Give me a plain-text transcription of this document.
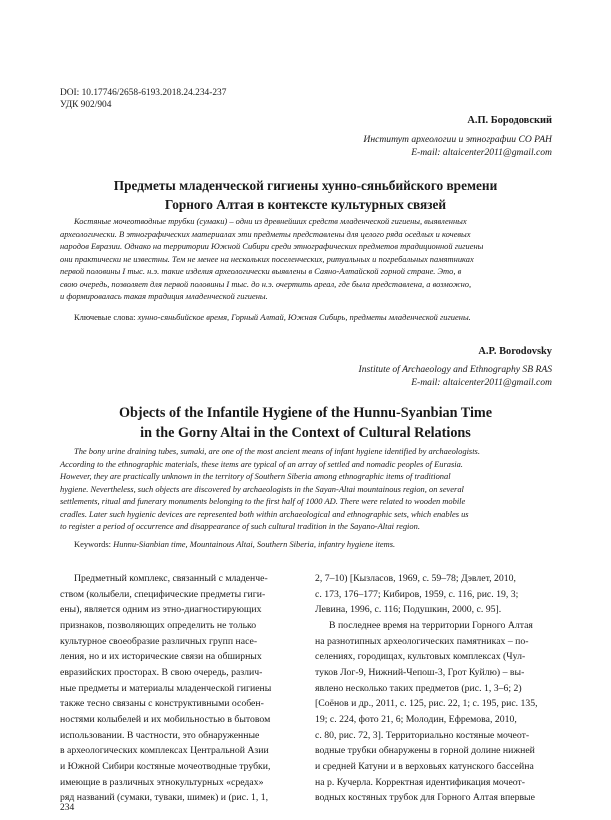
DOI: 10.17746/2658-6193.2018.24.234-237
УДК 902/904
А.П. Бородовский
Институт археологии и этнографии СО РАН
E-mail: altaicenter2011@gmail.com
Предметы младенческой гигиены хунно-сяньбийского времени
Горного Алтая в контексте культурных связей
Костяные мочеотводные трубки (сумаки) – одни из древнейших средств младенческой гигиены, выявленных
археологически. В этнографических материалах эти предметы представлены для целого ряда оседлых и кочевых
народов Евразии. Однако на территории Южной Сибири среди этнографических предметов традиционной гигиены
они практически не известны. Тем не менее на нескольких поселенческих, ритуальных и погребальных памятниках
первой половины I тыс. н.э. такие изделия археологически выявлены в Саяно-Алтайской горной стране. Это, в
свою очередь, позволяет для первой половины I тыс. до н.э. очертить ареал, где была представлена, а возможно,
и формировалась такая традиция младенческой гигиены.
Ключевые слова: хунно-сяньбийское время, Горный Алтай, Южная Сибирь, предметы младенческой гигиены.
A.P. Borodovsky
Institute of Archaeology and Ethnography SB RAS
E-mail: altaicenter2011@gmail.com
Objects of the Infantile Hygiene of the Hunnu-Syanbian Time
in the Gorny Altai in the Context of Cultural Relations
The bony urine draining tubes, sumaki, are one of the most ancient means of infant hygiene identified by archaeologists.
According to the ethnographic materials, these items are typical of an array of settled and nomadic peoples of Eurasia.
However, they are practically unknown in the territory of Southern Siberia among ethnographic items of traditional
hygiene. Nevertheless, such objects are discovered by archaeologists in the Sayan-Altai mountainous region, on several
settlements, ritual and funerary monuments belonging to the first half of 1000 AD. There were related to wooden mobile
cradles. Later such hygienic devices are represented both within archaeological and ethnographic sets, which enables us
to register a period of occurrence and disappearance of such cultural tradition in the Sayano-Altai region.
Keywords: Hunnu-Sianbian time, Mountainous Altai, Southern Siberia, infantry hygiene items.

Предметный комплекс, связанный с младенче-

ством (колыбели, специфические предметы гиги-

ены), является одним из этно-диагностирующих

признаков, позволяющих определить не только

культурное своеобразие различных групп насе-

ления, но и их исторические связи на обширных

евразийских просторах. В свою очередь, различ-

ные предметы и материалы младенческой гигиены

также тесно связаны с конструктивными особен-

ностями колыбелей и их мобильностью в бытовом

использовании. В частности, это обнаруженные

в археологических комплексах Центральной Азии

и Южной Сибири костяные мочеотводные трубки,

имеющие в различных этнокультурных «средах»

ряд названий (сумаки, туваки, шимек) и (рис. 1, 1,

2, 7–10) [Кызласов, 1969, с. 59–78; Дэвлет, 2010,

с. 173, 176–177; Кибиров, 1959, с. 116, рис. 19, 3;

Левина, 1996, с. 116; Подушкин, 2000, с. 95].

В последнее время на территории Горного Алтая

на разнотипных археологических памятниках – по-

селениях, городищах, культовых комплексах (Чул-

туков Лог-9, Нижний-Чепош-3, Грот Куйлю) – вы-

явлено несколько таких предметов (рис. 1, 3–6; 2)

[Соёнов и др., 2011, с. 125, рис. 22, 1; с. 195, рис. 135,

19; с. 224, фото 21, 6; Молодин, Ефремова, 2010,

с. 80, рис. 72, 3]. Территориально костяные мочеот-

водные трубки обнаружены в горной долине нижней

и средней Катуни и в верховьях катунского бассейна

на р. Кучерла. Корректная идентификация мочеот-

водных костяных трубок для Горного Алтая впервые

234
